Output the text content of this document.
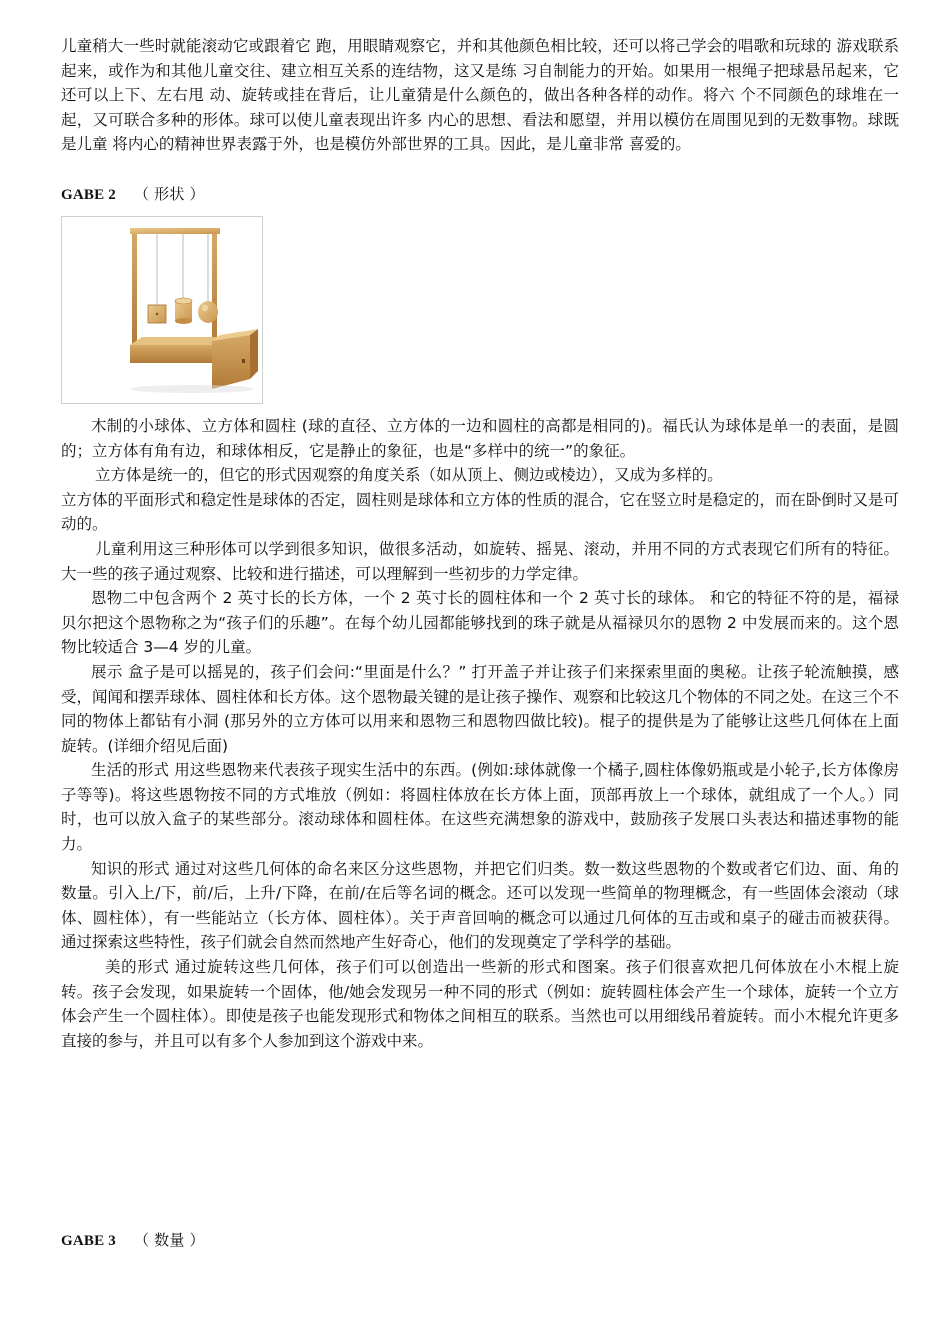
儿童稍大一些时就能滚动它或跟着它 跑，用眼睛观察它，并和其他颜色相比较，还可以将己学会的唱歌和玩球的 游戏联系起来，或作为和其他儿童交往、建立相互关系的连结物，这又是练 习自制能力的开始。如果用一根绳子把球悬吊起来，它还可以上下、左右甩 动、旋转或挂在背后，让儿童猜是什么颜色的，做出各种各样的动作。将六 个不同颜色的球堆在一起，又可联合多种的形体。球可以使儿童表现出许多 内心的思想、看法和愿望，并用以模仿在周围见到的无数事物。球既是儿童 将内心的精神世界表露于外，也是模仿外部世界的工具。因此，是儿童非常 喜爱的。

GABE 2 （ 形状 ）

木制的小球体、立方体和圆柱 (球的直径、立方体的一边和圆柱的高都是相同的)。福氏认为球体是单一的表面，是圆的；立方体有角有边，和球体相反，它是静止的象征，也是“多样中的统一”的象征。

立方体是统一的，但它的形式因观察的角度关系（如从顶上、侧边或棱边），又成为多样的。

立方体的平面形式和稳定性是球体的否定，圆柱则是球体和立方体的性质的混合，它在竖立时是稳定的，而在卧倒时又是可动的。

儿童利用这三种形体可以学到很多知识，做很多活动，如旋转、摇晃、滚动，并用不同的方式表现它们所有的特征。大一些的孩子通过观察、比较和进行描述，可以理解到一些初步的力学定律。

恩物二中包含两个 2 英寸长的长方体，一个 2 英寸长的圆柱体和一个 2 英寸长的球体。 和它的特征不符的是，福禄贝尔把这个恩物称之为“孩子们的乐趣”。在每个幼儿园都能够找到的珠子就是从福禄贝尔的恩物 2 中发展而来的。这个恩物比较适合 3—4 岁的儿童。

展示 盒子是可以摇晃的，孩子们会问:“里面是什么？” 打开盖子并让孩子们来探索里面的奥秘。让孩子轮流触摸，感受，闻闻和摆弄球体、圆柱体和长方体。这个恩物最关键的是让孩子操作、观察和比较这几个物体的不同之处。在这三个不同的物体上都钻有小洞 (那另外的立方体可以用来和恩物三和恩物四做比较)。棍子的提供是为了能够让这些几何体在上面旋转。(详细介绍见后面)

生活的形式 用这些恩物来代表孩子现实生活中的东西。(例如:球体就像一个橘子,圆柱体像奶瓶或是小轮子,长方体像房子等等)。将这些恩物按不同的方式堆放（例如：将圆柱体放在长方体上面，顶部再放上一个球体，就组成了一个人。）同时，也可以放入盒子的某些部分。滚动球体和圆柱体。在这些充满想象的游戏中，鼓励孩子发展口头表达和描述事物的能力。

知识的形式 通过对这些几何体的命名来区分这些恩物，并把它们归类。数一数这些恩物的个数或者它们边、面、角的数量。引入上/下，前/后，上升/下降，在前/在后等名词的概念。还可以发现一些简单的物理概念，有一些固体会滚动（球体、圆柱体），有一些能站立（长方体、圆柱体）。关于声音回响的概念可以通过几何体的互击或和桌子的碰击而被获得。 通过探索这些特性，孩子们就会自然而然地产生好奇心，他们的发现奠定了学科学的基础。

美的形式 通过旋转这些几何体，孩子们可以创造出一些新的形式和图案。孩子们很喜欢把几何体放在小木棍上旋转。孩子会发现，如果旋转一个固体，他/她会发现另一种不同的形式（例如：旋转圆柱体会产生一个球体，旋转一个立方体会产生一个圆柱体）。即使是孩子也能发现形式和物体之间相互的联系。当然也可以用细线吊着旋转。而小木棍允许更多直接的参与，并且可以有多个人参加到这个游戏中来。

GABE 3 （ 数量 ）
